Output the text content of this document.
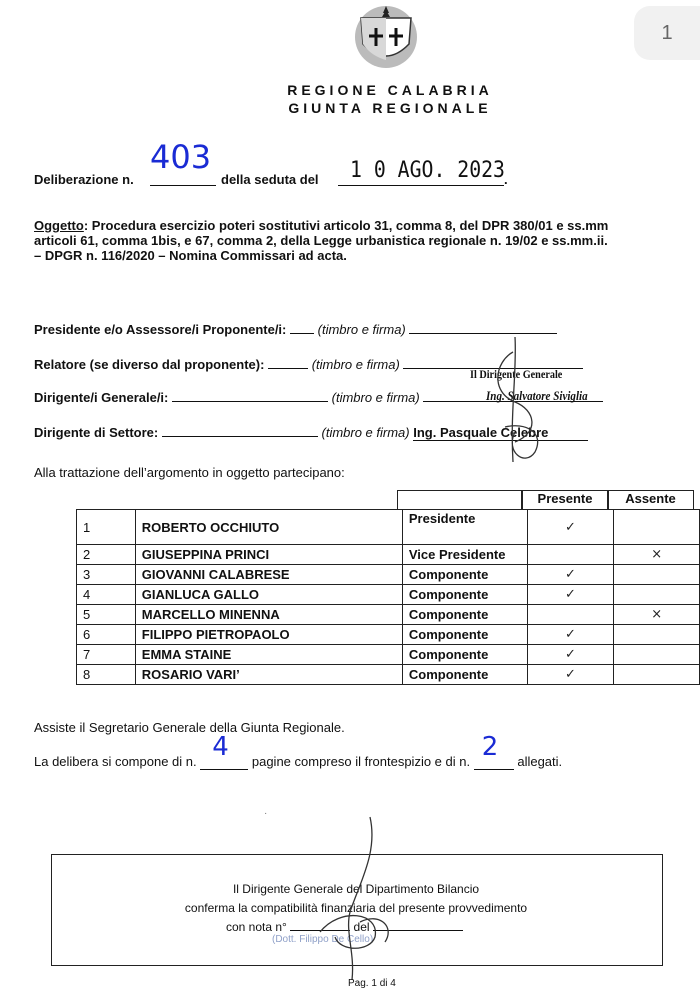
1
REGIONE CALABRIA
GIUNTA REGIONALE
Deliberazione n.
403
della seduta del 1 0 AGO. 2023 .
Oggetto: Procedura esercizio poteri sostitutivi articolo 31, comma 8, del DPR 380/01 e ss.mm
articoli 61, comma 1bis, e 67, comma 2, della Legge urbanistica regionale n. 19/02 e ss.mm.ii.
– DPGR n. 116/2020 – Nomina Commissari ad acta.
Presidente e/o Assessore/i Proponente/i: (timbro e firma)
Relatore (se diverso dal proponente):	(timbro e firma)
Il Dirigente Generale
Dirigente/i Generale/i:	(timbro e firma)	Ing. Salvatore Siviglia
Dirigente di Settore:	(timbro e firma) Ing. Pasquale Celebre
Alla trattazione dell’argomento in oggetto partecipano:
Presente	Assente
1	ROBERTO OCCHIUTO	Presidente	✓	
2	GIUSEPPINA PRINCI	Vice Presidente		×
3	GIOVANNI CALABRESE	Componente	✓	
4	GIANLUCA GALLO	Componente	✓	
5	MARCELLO MINENNA	Componente		×
6	FILIPPO PIETROPAOLO	Componente	✓	
7	EMMA STAINE	Componente	✓	
8	ROSARIO VARI’	Componente	✓	
Assiste il Segretario Generale della Giunta Regionale.
La delibera si compone di n. 4 pagine compreso il frontespizio e di n. 2 allegati.
·
Il Dirigente Generale del Dipartimento Bilancio
conferma la compatibilità finanziaria del presente provvedimento
con nota n°	del
(Dott. Filippo De Cello)
Pag. 1 di 4
